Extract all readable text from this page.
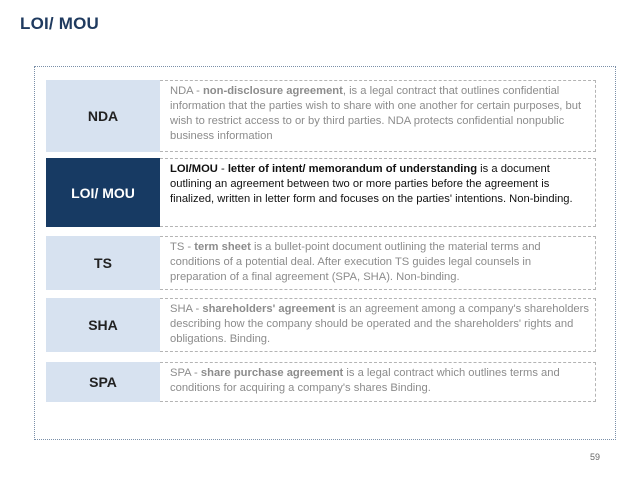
LOI/ MOU
NDA
NDA - non-disclosure agreement, is a legal contract that outlines confidential information that the parties wish to share with one another for certain purposes, but wish to restrict access to or by third parties. NDA protects confidential nonpublic business information
LOI/ MOU
LOI/MOU - letter of intent/ memorandum of understanding is a document outlining an agreement between two or more parties before the agreement is finalized, written in letter form and focuses on the parties' intentions. Non-binding.
TS
TS - term sheet is a bullet-point document outlining the material terms and conditions of a potential deal. After execution TS guides legal counsels in preparation of a final agreement (SPA, SHA). Non-binding.
SHA
SHA - shareholders' agreement is an agreement among a company's shareholders describing how the company should be operated and the shareholders' rights and obligations. Binding.
SPA
SPA - share purchase agreement is a legal contract which outlines terms and conditions for acquiring a company's shares Binding.
59
